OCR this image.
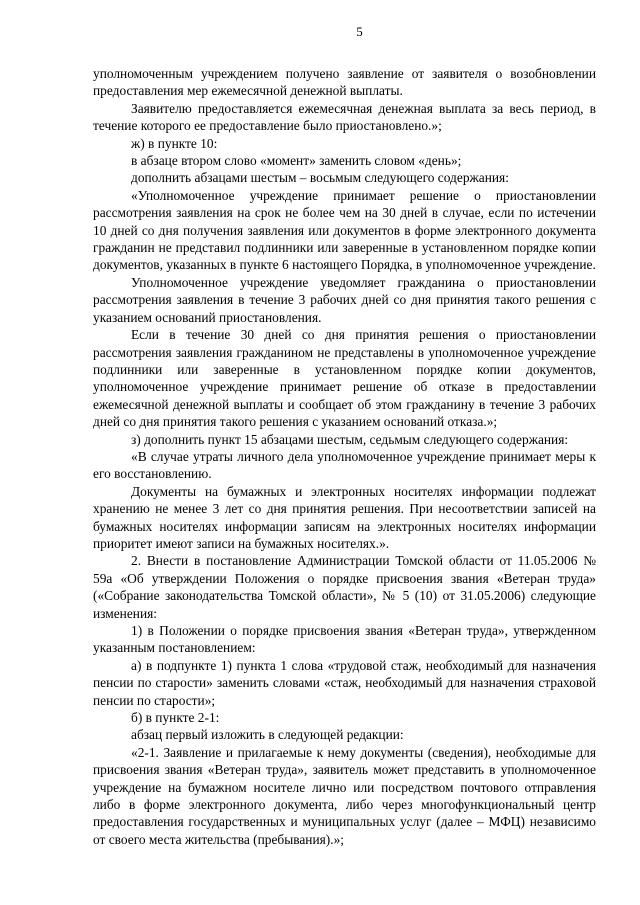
5

уполномоченным учреждением получено заявление от заявителя о возобновлении предоставления мер ежемесячной денежной выплаты.

Заявителю предоставляется ежемесячная денежная выплата за весь период, в течение которого ее предоставление было приостановлено.»;

ж) в пункте 10:

в абзаце втором слово «момент» заменить словом «день»;

дополнить абзацами шестым – восьмым следующего содержания:

«Уполномоченное учреждение принимает решение о приостановлении рассмотрения заявления на срок не более чем на 30 дней в случае, если по истечении 10 дней со дня получения заявления или документов в форме электронного документа гражданин не представил подлинники или заверенные в установленном порядке копии документов, указанных в пункте 6 настоящего Порядка, в уполномоченное учреждение.

Уполномоченное учреждение уведомляет гражданина о приостановлении рассмотрения заявления в течение 3 рабочих дней со дня принятия такого решения с указанием оснований приостановления.

Если в течение 30 дней со дня принятия решения о приостановлении рассмотрения заявления гражданином не представлены в уполномоченное учреждение подлинники или заверенные в установленном порядке копии документов, уполномоченное учреждение принимает решение об отказе в предоставлении ежемесячной денежной выплаты и сообщает об этом гражданину в течение 3 рабочих дней со дня принятия такого решения с указанием оснований отказа.»;

з) дополнить пункт 15 абзацами шестым, седьмым следующего содержания:

«В случае утраты личного дела уполномоченное учреждение принимает меры к его восстановлению.

Документы на бумажных и электронных носителях информации подлежат хранению не менее 3 лет со дня принятия решения. При несоответствии записей на бумажных носителях информации записям на электронных носителях информации приоритет имеют записи на бумажных носителях.».

2. Внести в постановление Администрации Томской области от 11.05.2006 № 59а «Об утверждении Положения о порядке присвоения звания «Ветеран труда» («Собрание законодательства Томской области», № 5 (10) от 31.05.2006) следующие изменения:

1) в Положении о порядке присвоения звания «Ветеран труда», утвержденном указанным постановлением:

а) в подпункте 1) пункта 1 слова «трудовой стаж, необходимый для назначения пенсии по старости» заменить словами «стаж, необходимый для назначения страховой пенсии по старости»;

б) в пункте 2-1:

абзац первый изложить в следующей редакции:

«2-1. Заявление и прилагаемые к нему документы (сведения), необходимые для присвоения звания «Ветеран труда», заявитель может представить в уполномоченное учреждение на бумажном носителе лично или посредством почтового отправления либо в форме электронного документа, либо через многофункциональный центр предоставления государственных и муниципальных услуг (далее – МФЦ) независимо от своего места жительства (пребывания).»;
